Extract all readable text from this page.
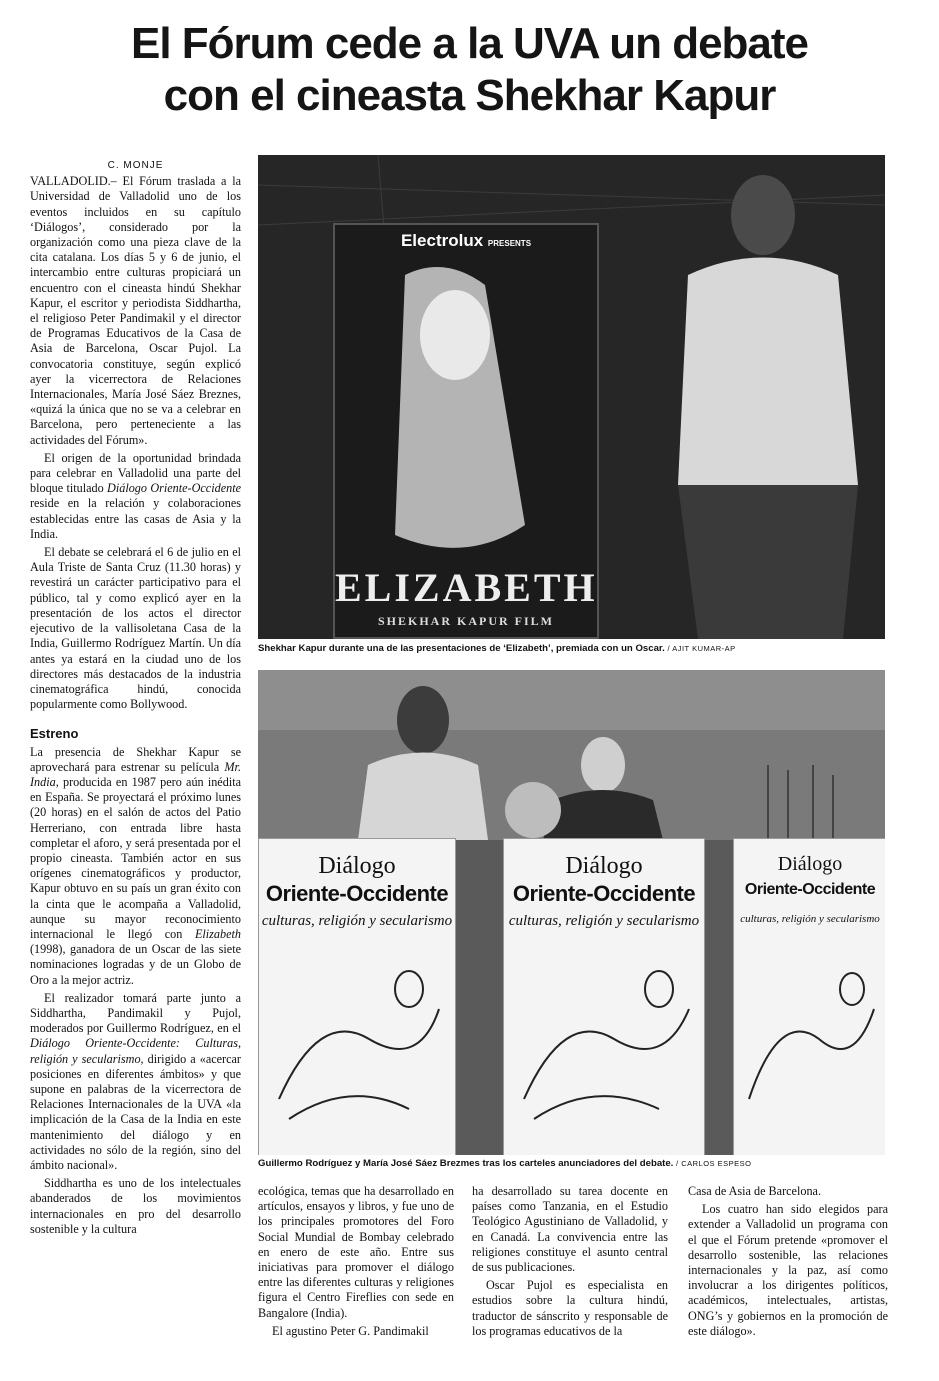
El Fórum cede a la UVA un debate
con el cineasta Shekhar Kapur
C. MONJE

VALLADOLID.– El Fórum traslada a la Universidad de Valladolid uno de los eventos incluidos en su capítulo ‘Diálogos’, considerado por la organización como una pieza clave de la cita catalana. Los días 5 y 6 de junio, el intercambio entre culturas propiciará un encuentro con el cineasta hindú Shekhar Kapur, el escritor y periodista Siddhartha, el religioso Peter Pandimakil y el director de Programas Educativos de la Casa de Asia de Barcelona, Oscar Pujol. La convocatoria constituye, según explicó ayer la vicerrectora de Relaciones Internacionales, María José Sáez Breznes, «quizá la única que no se va a celebrar en Barcelona, pero perteneciente a las actividades del Fórum».

El origen de la oportunidad brindada para celebrar en Valladolid una parte del bloque titulado Diálogo Oriente-Occidente reside en la relación y colaboraciones establecidas entre las casas de Asia y la India.

El debate se celebrará el 6 de julio en el Aula Triste de Santa Cruz (11.30 horas) y revestirá un carácter participativo para el público, tal y como explicó ayer en la presentación de los actos el director ejecutivo de la vallisoletana Casa de la India, Guillermo Rodríguez Martín. Un día antes ya estará en la ciudad uno de los directores más destacados de la industria cinematográfica hindú, conocida popularmente como Bollywood.

Estreno

La presencia de Shekhar Kapur se aprovechará para estrenar su película Mr. India, producida en 1987 pero aún inédita en España. Se proyectará el próximo lunes (20 horas) en el salón de actos del Patio Herreriano, con entrada libre hasta completar el aforo, y será presentada por el propio cineasta. También actor en sus orígenes cinematográficos y productor, Kapur obtuvo en su país un gran éxito con la cinta que le acompaña a Valladolid, aunque su mayor reconocimiento internacional le llegó con Elizabeth (1998), ganadora de un Oscar de las siete nominaciones logradas y de un Globo de Oro a la mejor actriz.

El realizador tomará parte junto a Siddhartha, Pandimakil y Pujol, moderados por Guillermo Rodríguez, en el Diálogo Oriente-Occidente: Culturas, religión y secularismo, dirigido a «acercar posiciones en diferentes ámbitos» y que supone en palabras de la vicerrectora de Relaciones Internacionales de la UVA «la implicación de la Casa de la India en este mantenimiento del diálogo y en actividades no sólo de la región, sino del ámbito nacional».

Siddhartha es uno de los intelectuales abanderados de los movimientos internacionales en pro del desarrollo sostenible y la cultura

Electrolux PRESENTS
ELIZABETH
SHEKHAR KAPUR FILM
Shekhar Kapur durante una de las presentaciones de ‘Elizabeth’, premiada con un Oscar. / AJIT KUMAR-AP
Diálogo
Oriente-Occidente
culturas, religión y secularismo
Diálogo
Oriente-Occidente
culturas, religión y secularismo
Diálogo
Oriente-Occidente
culturas, religión y secularismo
Guillermo Rodríguez y María José Sáez Brezmes tras los carteles anunciadores del debate. / CARLOS ESPESO

ecológica, temas que ha desarrollado en artículos, ensayos y libros, y fue uno de los principales promotores del Foro Social Mundial de Bombay celebrado en enero de este año. Entre sus iniciativas para promover el diálogo entre las diferentes culturas y religiones figura el Centro Fireflies con sede en Bangalore (India).

El agustino Peter G. Pandimakil

ha desarrollado su tarea docente en países como Tanzania, en el Estudio Teológico Agustiniano de Valladolid, y en Canadá. La convivencia entre las religiones constituye el asunto central de sus publicaciones.

Oscar Pujol es especialista en estudios sobre la cultura hindú, traductor de sánscrito y responsable de los programas educativos de la

Casa de Asia de Barcelona.

Los cuatro han sido elegidos para extender a Valladolid un programa con el que el Fórum pretende «promover el desarrollo sostenible, las relaciones internacionales y la paz, así como involucrar a los dirigentes políticos, académicos, intelectuales, artistas, ONG’s y gobiernos en la promoción de este diálogo».
